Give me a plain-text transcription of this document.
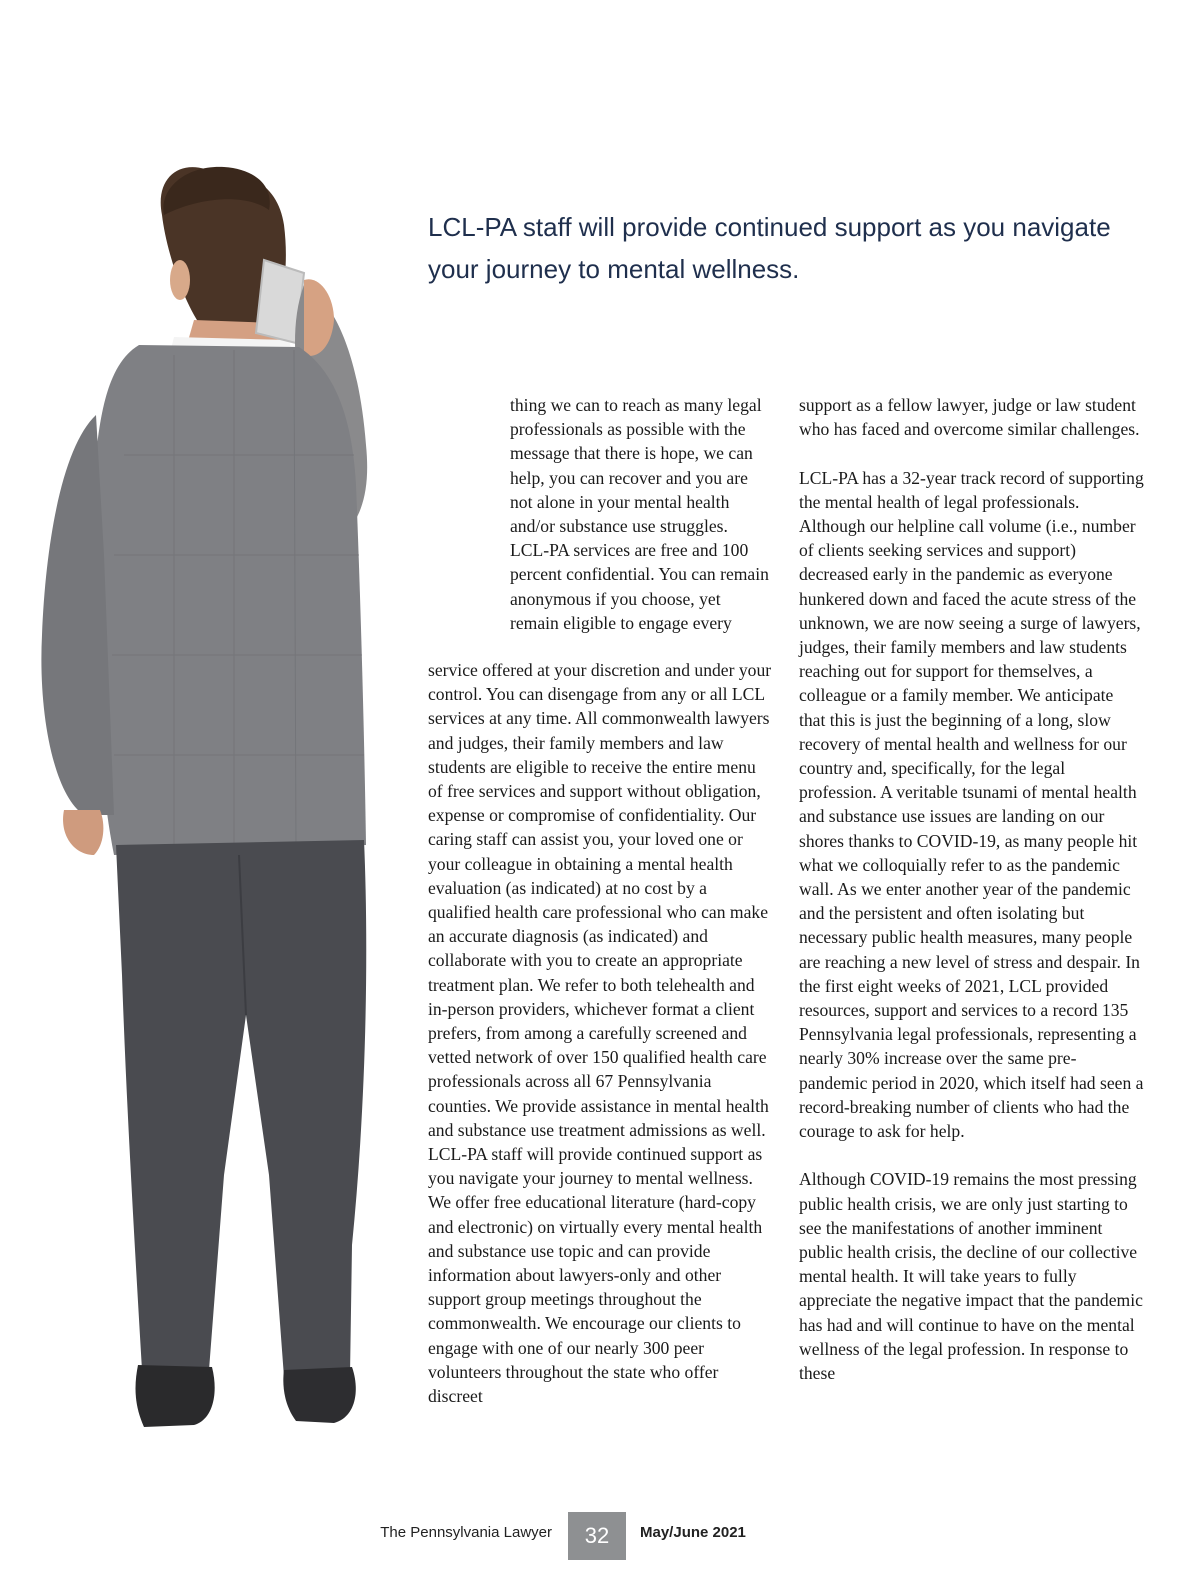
LCL-PA staff will provide continued support as you navigate your journey to mental wellness.

thing we can to reach as many legal professionals as possible with the message that there is hope, we can help, you can recover and you are not alone in your mental health and/or substance use struggles. LCL-PA services are free and 100 percent confidential. You can remain anonymous if you choose, yet remain eligible to engage every

service offered at your discretion and under your control. You can disengage from any or all LCL services at any time. All commonwealth lawyers and judges, their family members and law students are eligible to receive the entire menu of free services and support without obligation, expense or compromise of confidentiality. Our caring staff can assist you, your loved one or your colleague in obtaining a mental health evaluation (as indicated) at no cost by a qualified health care professional who can make an accurate diagnosis (as indicated) and collaborate with you to create an appropriate treatment plan. We refer to both telehealth and in-person providers, whichever format a client prefers, from among a carefully screened and vetted network of over 150 qualified health care professionals across all 67 Pennsylvania counties. We provide assistance in mental health and substance use treatment admissions as well. LCL-PA staff will provide continued support as you navigate your journey to mental wellness. We offer free educational literature (hard-copy and electronic) on virtually every mental health and substance use topic and can provide information about lawyers-only and other support group meetings throughout the commonwealth. We encourage our clients to engage with one of our nearly 300 peer volunteers throughout the state who offer discreet

support as a fellow lawyer, judge or law student who has faced and overcome similar challenges.

LCL-PA has a 32-year track record of supporting the mental health of legal professionals. Although our helpline call volume (i.e., number of clients seeking services and support) decreased early in the pandemic as everyone hunkered down and faced the acute stress of the unknown, we are now seeing a surge of lawyers, judges, their family members and law students reaching out for support for themselves, a colleague or a family member. We anticipate that this is just the beginning of a long, slow recovery of mental health and wellness for our country and, specifically, for the legal profession. A veritable tsunami of mental health and substance use issues are landing on our shores thanks to COVID-19, as many people hit what we colloquially refer to as the pandemic wall. As we enter another year of the pandemic and the persistent and often isolating but necessary public health measures, many people are reaching a new level of stress and despair. In the first eight weeks of 2021, LCL provided resources, support and services to a record 135 Pennsylvania legal professionals, representing a nearly 30% increase over the same pre-pandemic period in 2020, which itself had seen a record-breaking number of clients who had the courage to ask for help.

Although COVID-19 remains the most pressing public health crisis, we are only just starting to see the manifestations of another imminent public health crisis, the decline of our collective mental health. It will take years to fully appreciate the negative impact that the pandemic has had and will continue to have on the mental wellness of the legal profession. In response to these

The Pennsylvania Lawyer	32	May/June 2021
